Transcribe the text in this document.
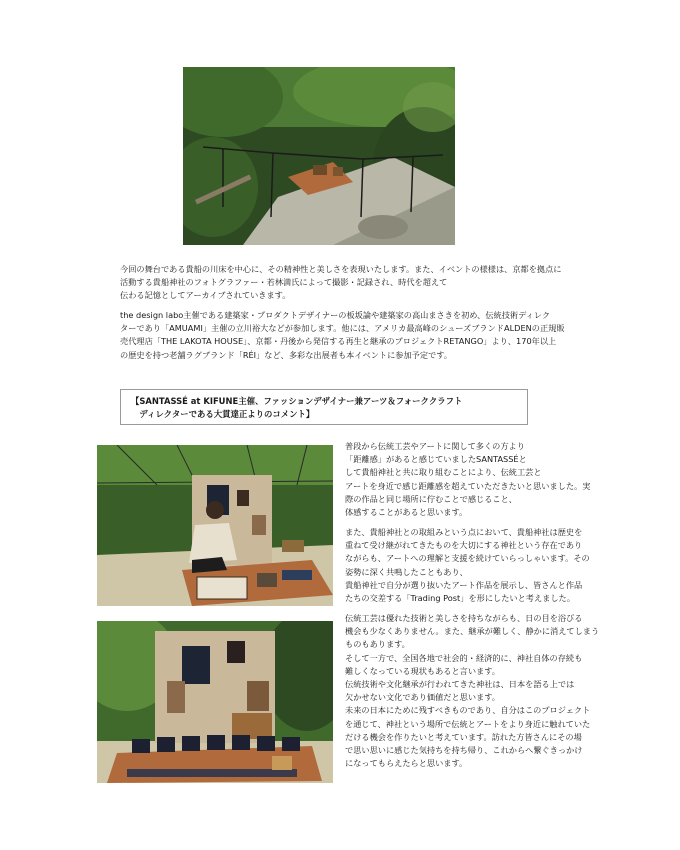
今回の舞台である貴船の川床を中心に、その精神性と美しさを表現いたします。また、イベントの様様は、京都を拠点に
活動する貴船神社のフォトグラファー・若林満氏によって撮影・記録され、時代を超えて
伝わる記憶としてアーカイブされていきます。

the design labo主催である建築家・プロダクトデザイナーの板坂論や建築家の高山まさきを初め、伝統技術ディレク
ターであり「AMUAMI」主催の立川裕大などが参加します。他には、アメリカ最高峰のシューズブランドALDENの正規販
売代理店「THE LAKOTA HOUSE」、京都・丹後から発信する再生と継承のプロジェクトRETANGO」より、170年以上
の歴史を持つ老舗ラグブランド「RÉI」など、多彩な出展者も本イベントに参加予定です。

【SANTASSÉ at KIFUNE主催、ファッションデザイナー兼アーツ＆フォーククラフト
　ディレクターである大貫達正よりのコメント】

普段から伝統工芸やアートに関して多くの方より
「距離感」があると感じていましたSANTASSÉと
して貴船神社と共に取り組むことにより、伝統工芸と
アートを身近で感じ距離感を超えていただきたいと思いました。実
際の作品と同じ場所に佇むことで感じること、
体感することがあると思います。

また、貴船神社との取組みという点において、貴船神社は歴史を
重ねて受け継がれてきたものを大切にする神社という存在であり
ながらも、アートへの理解と支援を続けていらっしゃいます。その
姿勢に深く共鳴したこともあり、
貴船神社で自分が選り抜いたアート作品を展示し、皆さんと作品
たちの交差する「Trading Post」を形にしたいと考えました。

伝統工芸は優れた技術と美しさを持ちながらも、日の目を浴びる
機会も少なくありません。また、継承が難しく、静かに消えてしまう
ものもあります。
そして一方で、全国各地で社会的・経済的に、神社自体の存続も
難しくなっている現状もあると言います。
伝統技術や文化継承が行われてきた神社は、日本を語る上では
欠かせない文化であり価値だと思います。
未来の日本にために残すべきものであり、自分はこのプロジェクト
を通じて、神社という場所で伝統とアートをより身近に触れていた
だける機会を作りたいと考えています。訪れた方皆さんにその場
で思い思いに感じた気持ちを持ち帰り、これからへ繋ぐきっかけ
になってもらえたらと思います。
